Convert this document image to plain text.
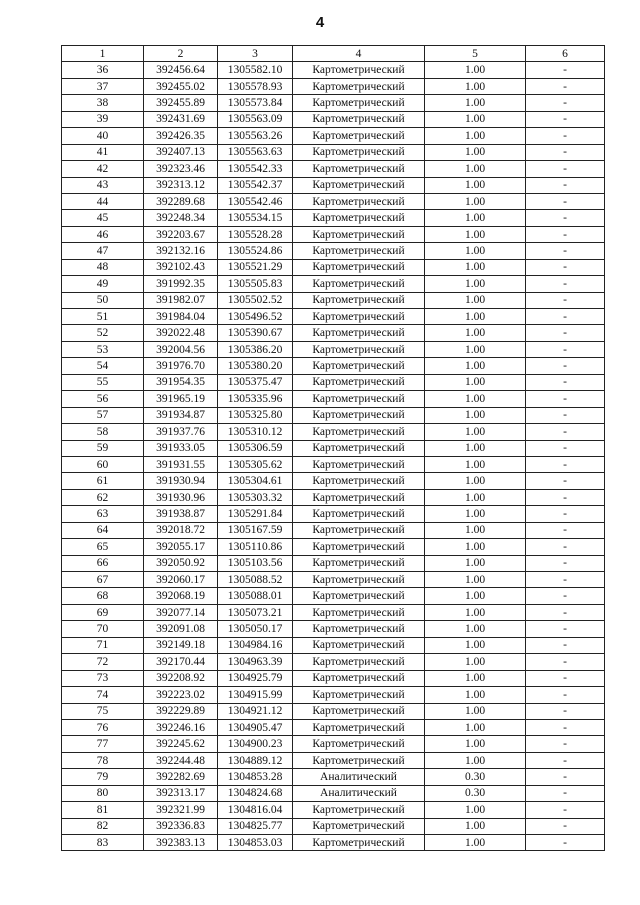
4
1	2	3	4	5	6
36	392456.64	1305582.10	Картометрический	1.00	-
37	392455.02	1305578.93	Картометрический	1.00	-
38	392455.89	1305573.84	Картометрический	1.00	-
39	392431.69	1305563.09	Картометрический	1.00	-
40	392426.35	1305563.26	Картометрический	1.00	-
41	392407.13	1305563.63	Картометрический	1.00	-
42	392323.46	1305542.33	Картометрический	1.00	-
43	392313.12	1305542.37	Картометрический	1.00	-
44	392289.68	1305542.46	Картометрический	1.00	-
45	392248.34	1305534.15	Картометрический	1.00	-
46	392203.67	1305528.28	Картометрический	1.00	-
47	392132.16	1305524.86	Картометрический	1.00	-
48	392102.43	1305521.29	Картометрический	1.00	-
49	391992.35	1305505.83	Картометрический	1.00	-
50	391982.07	1305502.52	Картометрический	1.00	-
51	391984.04	1305496.52	Картометрический	1.00	-
52	392022.48	1305390.67	Картометрический	1.00	-
53	392004.56	1305386.20	Картометрический	1.00	-
54	391976.70	1305380.20	Картометрический	1.00	-
55	391954.35	1305375.47	Картометрический	1.00	-
56	391965.19	1305335.96	Картометрический	1.00	-
57	391934.87	1305325.80	Картометрический	1.00	-
58	391937.76	1305310.12	Картометрический	1.00	-
59	391933.05	1305306.59	Картометрический	1.00	-
60	391931.55	1305305.62	Картометрический	1.00	-
61	391930.94	1305304.61	Картометрический	1.00	-
62	391930.96	1305303.32	Картометрический	1.00	-
63	391938.87	1305291.84	Картометрический	1.00	-
64	392018.72	1305167.59	Картометрический	1.00	-
65	392055.17	1305110.86	Картометрический	1.00	-
66	392050.92	1305103.56	Картометрический	1.00	-
67	392060.17	1305088.52	Картометрический	1.00	-
68	392068.19	1305088.01	Картометрический	1.00	-
69	392077.14	1305073.21	Картометрический	1.00	-
70	392091.08	1305050.17	Картометрический	1.00	-
71	392149.18	1304984.16	Картометрический	1.00	-
72	392170.44	1304963.39	Картометрический	1.00	-
73	392208.92	1304925.79	Картометрический	1.00	-
74	392223.02	1304915.99	Картометрический	1.00	-
75	392229.89	1304921.12	Картометрический	1.00	-
76	392246.16	1304905.47	Картометрический	1.00	-
77	392245.62	1304900.23	Картометрический	1.00	-
78	392244.48	1304889.12	Картометрический	1.00	-
79	392282.69	1304853.28	Аналитический	0.30	-
80	392313.17	1304824.68	Аналитический	0.30	-
81	392321.99	1304816.04	Картометрический	1.00	-
82	392336.83	1304825.77	Картометрический	1.00	-
83	392383.13	1304853.03	Картометрический	1.00	-
